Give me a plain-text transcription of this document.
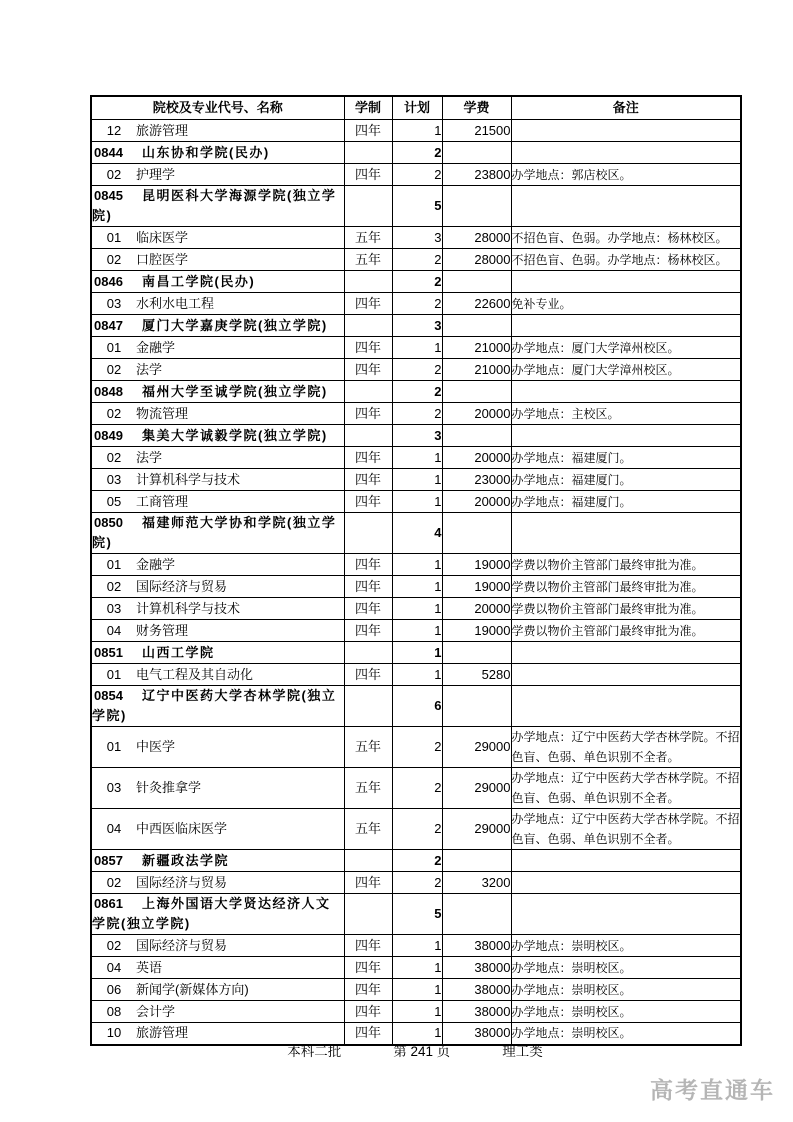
院校及专业代号、名称	学制	计划	学费	备注
12 旅游管理	四年	1	21500	
0844 山东协和学院(民办)		2		
02 护理学	四年	2	23800	办学地点：郭店校区。
0845 昆明医科大学海源学院(独立学院)		5		
01 临床医学	五年	3	28000	不招色盲、色弱。办学地点：杨林校区。
02 口腔医学	五年	2	28000	不招色盲、色弱。办学地点：杨林校区。
0846 南昌工学院(民办)		2		
03 水利水电工程	四年	2	22600	免补专业。
0847 厦门大学嘉庚学院(独立学院)		3		
01 金融学	四年	1	21000	办学地点：厦门大学漳州校区。
02 法学	四年	2	21000	办学地点：厦门大学漳州校区。
0848 福州大学至诚学院(独立学院)		2		
02 物流管理	四年	2	20000	办学地点：主校区。
0849 集美大学诚毅学院(独立学院)		3		
02 法学	四年	1	20000	办学地点：福建厦门。
03 计算机科学与技术	四年	1	23000	办学地点：福建厦门。
05 工商管理	四年	1	20000	办学地点：福建厦门。
0850 福建师范大学协和学院(独立学院)		4		
01 金融学	四年	1	19000	学费以物价主管部门最终审批为准。
02 国际经济与贸易	四年	1	19000	学费以物价主管部门最终审批为准。
03 计算机科学与技术	四年	1	20000	学费以物价主管部门最终审批为准。
04 财务管理	四年	1	19000	学费以物价主管部门最终审批为准。
0851 山西工学院		1		
01 电气工程及其自动化	四年	1	5280	
0854 辽宁中医药大学杏林学院(独立学院)		6		
01 中医学	五年	2	29000	办学地点：辽宁中医药大学杏林学院。不招色盲、色弱、单色识别不全者。
03 针灸推拿学	五年	2	29000	办学地点：辽宁中医药大学杏林学院。不招色盲、色弱、单色识别不全者。
04 中西医临床医学	五年	2	29000	办学地点：辽宁中医药大学杏林学院。不招色盲、色弱、单色识别不全者。
0857 新疆政法学院		2		
02 国际经济与贸易	四年	2	3200	
0861 上海外国语大学贤达经济人文学院(独立学院)		5		
02 国际经济与贸易	四年	1	38000	办学地点：崇明校区。
04 英语	四年	1	38000	办学地点：崇明校区。
06 新闻学(新媒体方向)	四年	1	38000	办学地点：崇明校区。
08 会计学	四年	1	38000	办学地点：崇明校区。
10 旅游管理	四年	1	38000	办学地点：崇明校区。
本科二批	第 241 页	理工类
高考直通车
